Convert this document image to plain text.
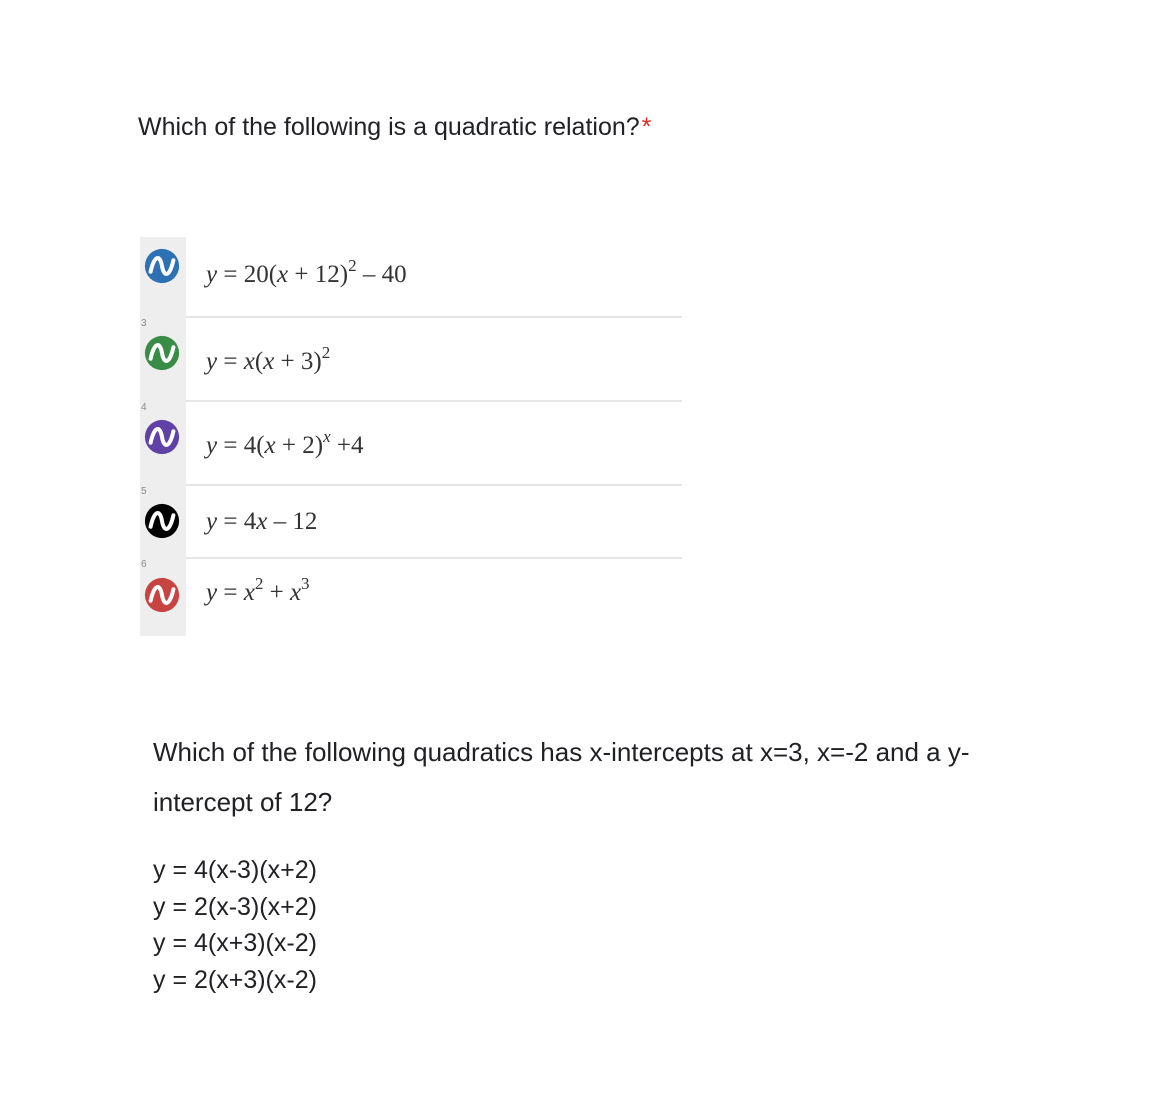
Which of the following is a quadratic relation?*
$y = 20(x + 12)^2 - 40$
3
$y = x(x + 3)^2$
4
$y = 4(x + 2)^x +4$
5
y = 4x – 12
6
$y = x^2 + x^3$
Which of the following quadratics has x-intercepts at x=3, x=-2 and a y-intercept of 12?
y = 4(x-3)(x+2)
y = 2(x-3)(x+2)
y = 4(x+3)(x-2)
y = 2(x+3)(x-2)
